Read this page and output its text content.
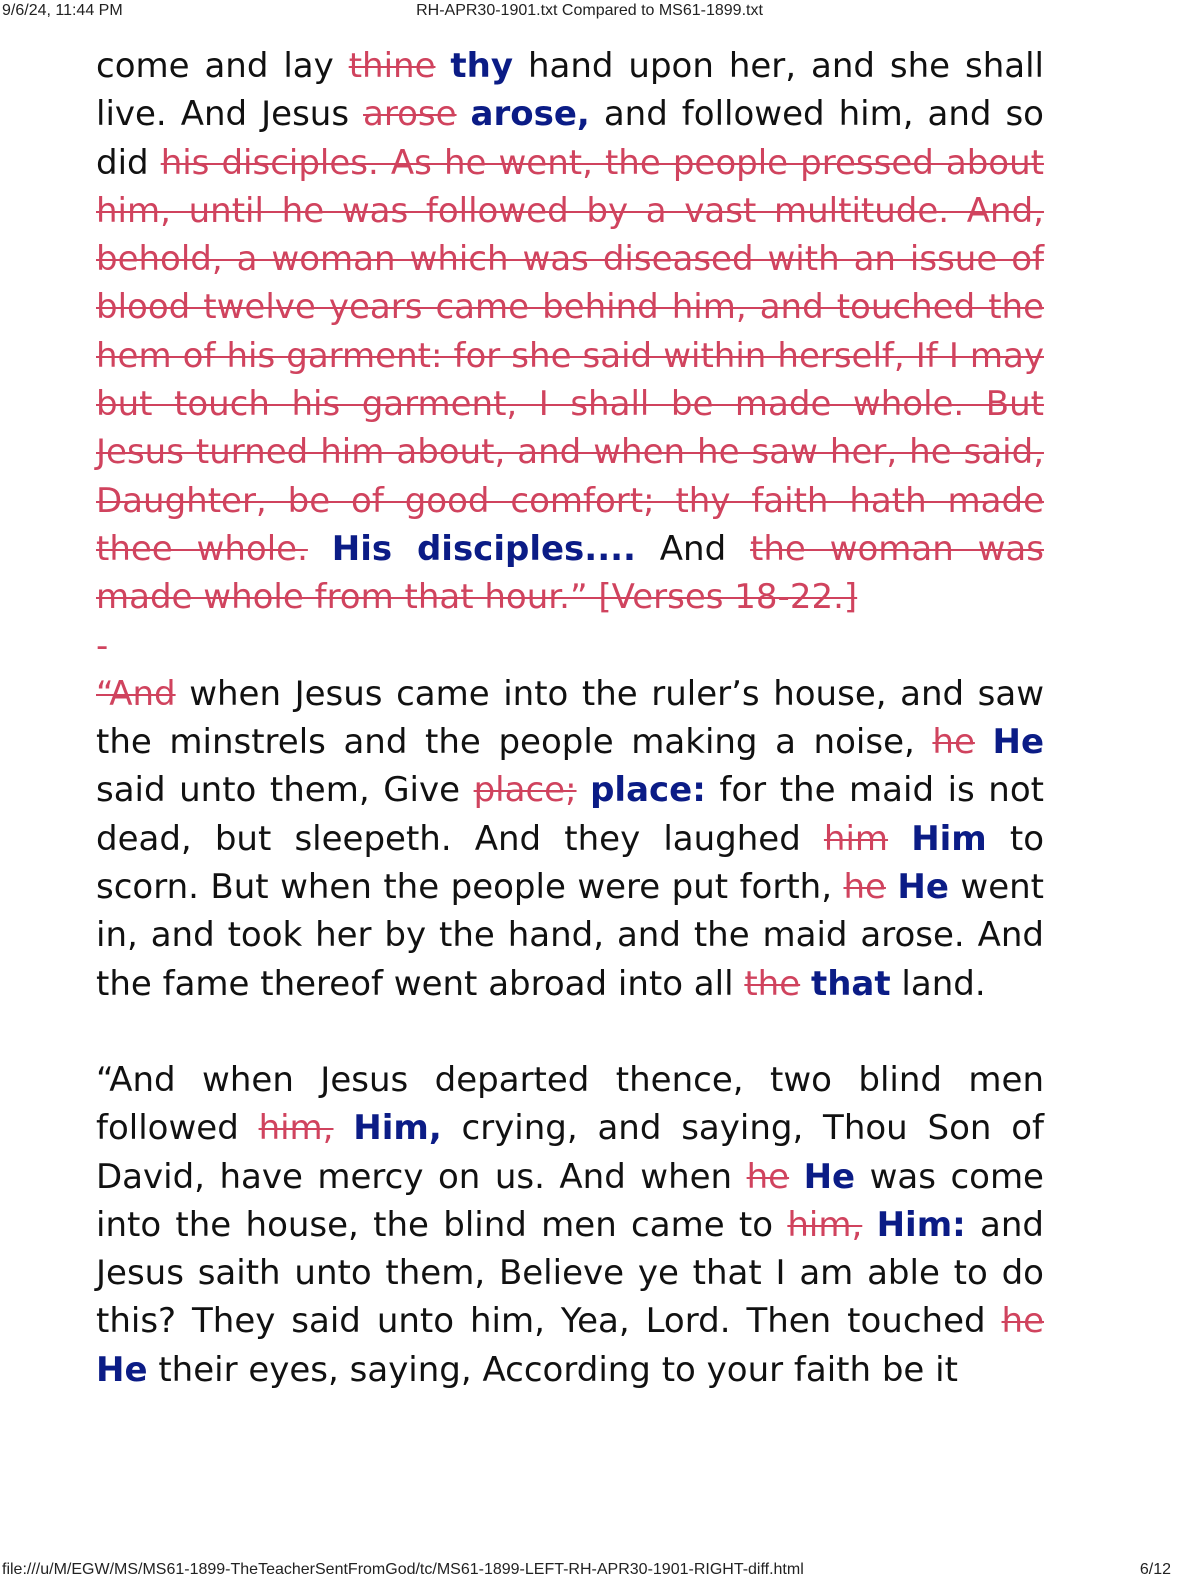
9/6/24, 11:44 PM	RH-APR30-1901.txt Compared to MS61-1899.txt

come and lay thine thy hand upon her, and she shall live. And Jesus arose arose, and followed him, and so did his disciples. As he went, the people pressed about him, until he was followed by a vast multitude. And, behold, a woman which was diseased with an issue of blood twelve years came behind him, and touched the hem of his garment: for she said within herself, If I may but touch his garment, I shall be made whole. But Jesus turned him about, and when he saw her, he said, Daughter, be of good comfort; thy faith hath made thee whole. His disciples.... And the woman was made whole from that hour.” [Verses 18-22.]
-
“And when Jesus came into the ruler’s house, and saw the minstrels and the people making a noise, he He said unto them, Give place; place: for the maid is not dead, but sleepeth. And they laughed him Him to scorn. But when the people were put forth, he He went in, and took her by the hand, and the maid arose. And the fame thereof went abroad into all the that land.

“And when Jesus departed thence, two blind men followed him, Him, crying, and saying, Thou Son of David, have mercy on us. And when he He was come into the house, the blind men came to him, Him: and Jesus saith unto them, Believe ye that I am able to do this? They said unto him, Yea, Lord. Then touched he He their eyes, saying, According to your faith be it

file:///u/M/EGW/MS/MS61-1899-TheTeacherSentFromGod/tc/MS61-1899-LEFT-RH-APR30-1901-RIGHT-diff.html	6/12
